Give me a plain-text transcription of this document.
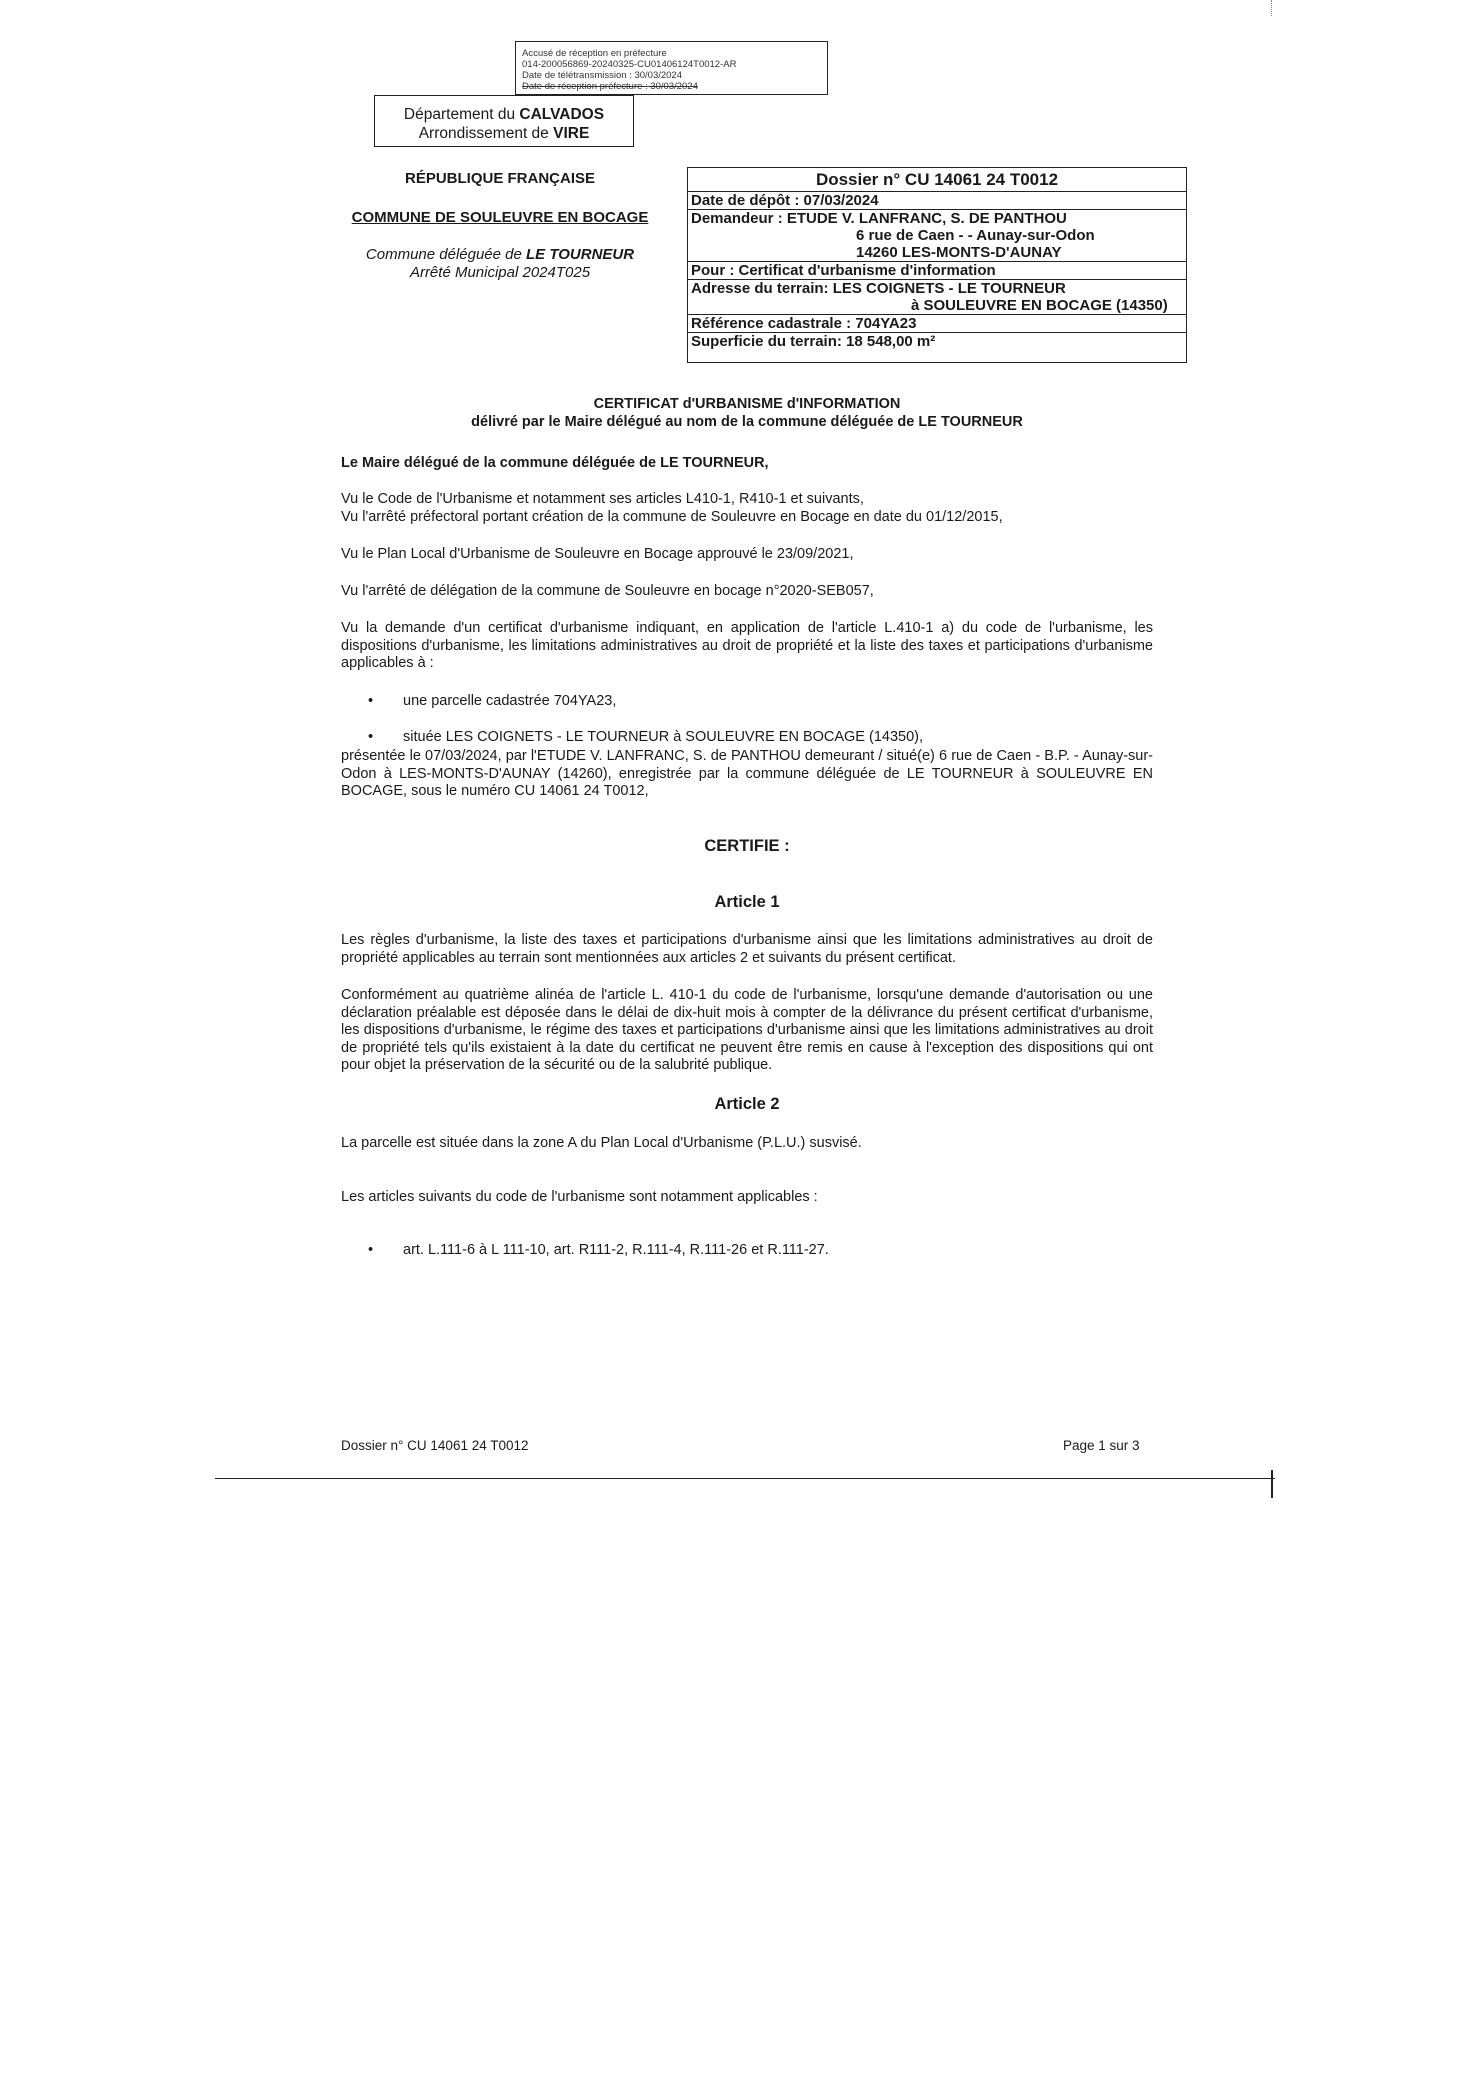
Accusé de réception en préfecture
014-200056869-20240325-CU01406124T0012-AR
Date de télétransmission : 30/03/2024
Date de réception préfecture : 30/03/2024
Département du CALVADOS
Arrondissement de VIRE
RÉPUBLIQUE FRANÇAISE
COMMUNE DE SOULEUVRE EN BOCAGE
Commune déléguée de LE TOURNEUR
Arrêté Municipal 2024T025
Dossier n° CU 14061 24 T0012
Date de dépôt : 07/03/2024
Demandeur : ETUDE V. LANFRANC, S. DE PANTHOU
6 rue de Caen - - Aunay-sur-Odon
14260 LES-MONTS-D'AUNAY
Pour : Certificat d'urbanisme d'information
Adresse du terrain: LES COIGNETS - LE TOURNEUR
à SOULEUVRE EN BOCAGE (14350)
Référence cadastrale : 704YA23
Superficie du terrain: 18 548,00 m²
CERTIFICAT d'URBANISME d'INFORMATION
délivré par le Maire délégué au nom de la commune déléguée de LE TOURNEUR
Le Maire délégué de la commune déléguée de LE TOURNEUR,
Vu le Code de l'Urbanisme et notamment ses articles L410-1, R410-1 et suivants,
Vu l'arrêté préfectoral portant création de la commune de Souleuvre en Bocage en date du 01/12/2015,
Vu le Plan Local d'Urbanisme de Souleuvre en Bocage approuvé le 23/09/2021,
Vu l'arrêté de délégation de la commune de Souleuvre en bocage n°2020-SEB057,
Vu la demande d'un certificat d'urbanisme indiquant, en application de l'article L.410-1 a) du code de l'urbanisme, les dispositions d'urbanisme, les limitations administratives au droit de propriété et la liste des taxes et participations d'urbanisme applicables à :
• une parcelle cadastrée 704YA23,
• située LES COIGNETS - LE TOURNEUR à SOULEUVRE EN BOCAGE (14350),
présentée le 07/03/2024, par l'ETUDE V. LANFRANC, S. de PANTHOU demeurant / situé(e) 6 rue de Caen - B.P. - Aunay-sur-Odon à LES-MONTS-D'AUNAY (14260), enregistrée par la commune déléguée de LE TOURNEUR à SOULEUVRE EN BOCAGE, sous le numéro CU 14061 24 T0012,
CERTIFIE :
Article 1
Les règles d'urbanisme, la liste des taxes et participations d'urbanisme ainsi que les limitations administratives au droit de propriété applicables au terrain sont mentionnées aux articles 2 et suivants du présent certificat.
Conformément au quatrième alinéa de l'article L. 410-1 du code de l'urbanisme, lorsqu'une demande d'autorisation ou une déclaration préalable est déposée dans le délai de dix-huit mois à compter de la délivrance du présent certificat d'urbanisme, les dispositions d'urbanisme, le régime des taxes et participations d'urbanisme ainsi que les limitations administratives au droit de propriété tels qu'ils existaient à la date du certificat ne peuvent être remis en cause à l'exception des dispositions qui ont pour objet la préservation de la sécurité ou de la salubrité publique.
Article 2
La parcelle est située dans la zone A du Plan Local d'Urbanisme (P.L.U.) susvisé.
Les articles suivants du code de l'urbanisme sont notamment applicables :
• art. L.111-6 à L 111-10, art. R111-2, R.111-4, R.111-26 et R.111-27.
Dossier n° CU 14061 24 T0012	Page 1 sur 3
